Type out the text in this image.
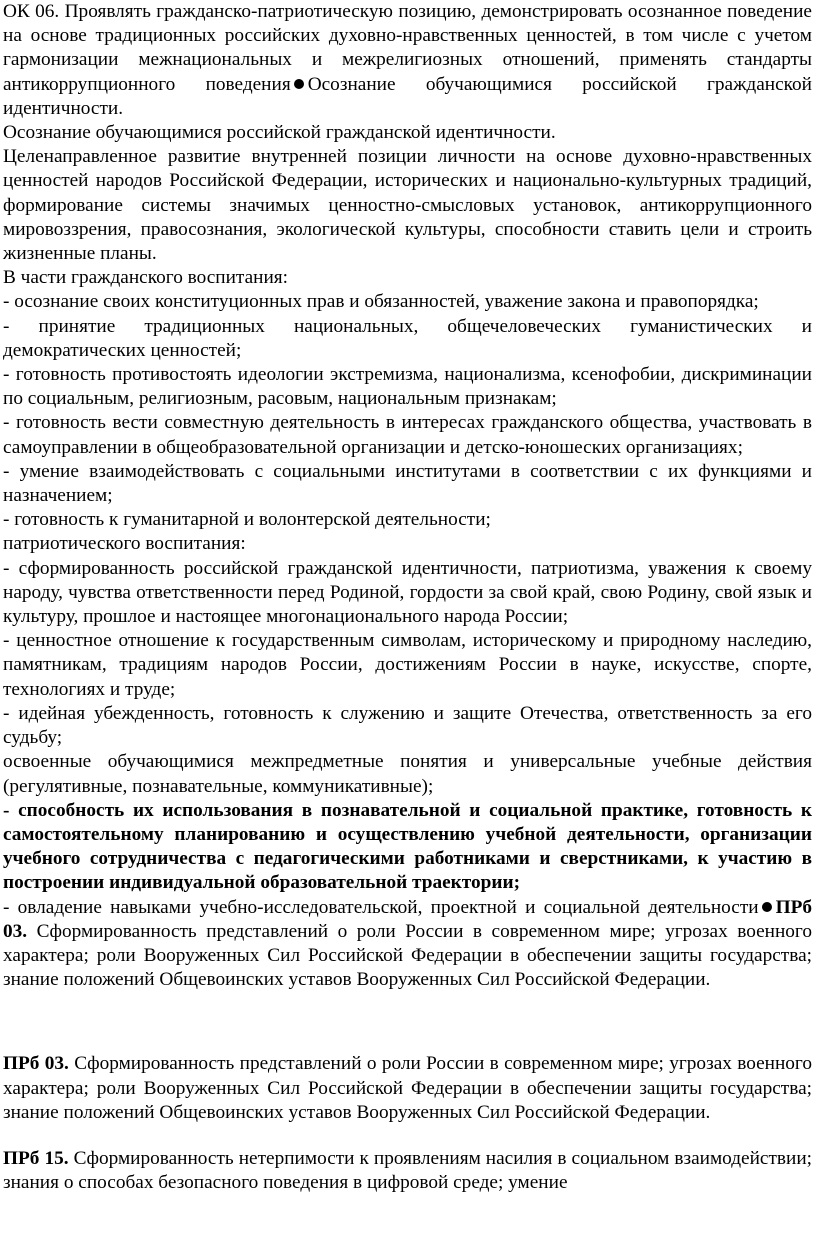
ОК 06. Проявлять гражданско-патриотическую позицию, демонстрировать осознанное поведение на основе традиционных российских духовно-нравственных ценностей, в том числе с учетом гармонизации межнациональных и межрелигиозных отношений, применять стандарты антикоррупционного поведения Осознание обучающимися российской гражданской идентичности.

Осознание обучающимися российской гражданской идентичности.

Целенаправленное развитие внутренней позиции личности на основе духовно-нравственных ценностей народов Российской Федерации, исторических и национально-культурных традиций, формирование системы значимых ценностно-смысловых установок, антикоррупционного мировоззрения, правосознания, экологической культуры, способности ставить цели и строить жизненные планы.

В части гражданского воспитания:

- осознание своих конституционных прав и обязанностей, уважение закона и правопорядка;

- принятие традиционных национальных, общечеловеческих гуманистических и демократических ценностей;

- готовность противостоять идеологии экстремизма, национализма, ксенофобии, дискриминации по социальным, религиозным, расовым, национальным признакам;

- готовность вести совместную деятельность в интересах гражданского общества, участвовать в самоуправлении в общеобразовательной организации и детско-юношеских организациях;

- умение взаимодействовать с социальными институтами в соответствии с их функциями и назначением;

- готовность к гуманитарной и волонтерской деятельности;

патриотического воспитания:

- сформированность российской гражданской идентичности, патриотизма, уважения к своему народу, чувства ответственности перед Родиной, гордости за свой край, свою Родину, свой язык и культуру, прошлое и настоящее многонационального народа России;

- ценностное отношение к государственным символам, историческому и природному наследию, памятникам, традициям народов России, достижениям России в науке, искусстве, спорте, технологиях и труде;

- идейная убежденность, готовность к служению и защите Отечества, ответственность за его судьбу;

освоенные обучающимися межпредметные понятия и универсальные учебные действия (регулятивные, познавательные, коммуникативные);

- способность их использования в познавательной и социальной практике, готовность к самостоятельному планированию и осуществлению учебной деятельности, организации учебного сотрудничества с педагогическими работниками и сверстниками, к участию в построении индивидуальной образовательной траектории;

- овладение навыками учебно-исследовательской, проектной и социальной деятельности ПРб 03. Сформированность представлений о роли России в современном мире; угрозах военного характера; роли Вооруженных Сил Российской Федерации в обеспечении защиты государства; знание положений Общевоинских уставов Вооруженных Сил Российской Федерации.

ПРб 03. Сформированность представлений о роли России в современном мире; угрозах военного характера; роли Вооруженных Сил Российской Федерации в обеспечении защиты государства; знание положений Общевоинских уставов Вооруженных Сил Российской Федерации.

ПРб 15. Сформированность нетерпимости к проявлениям насилия в социальном взаимодействии; знания о способах безопасного поведения в цифровой среде; умение
